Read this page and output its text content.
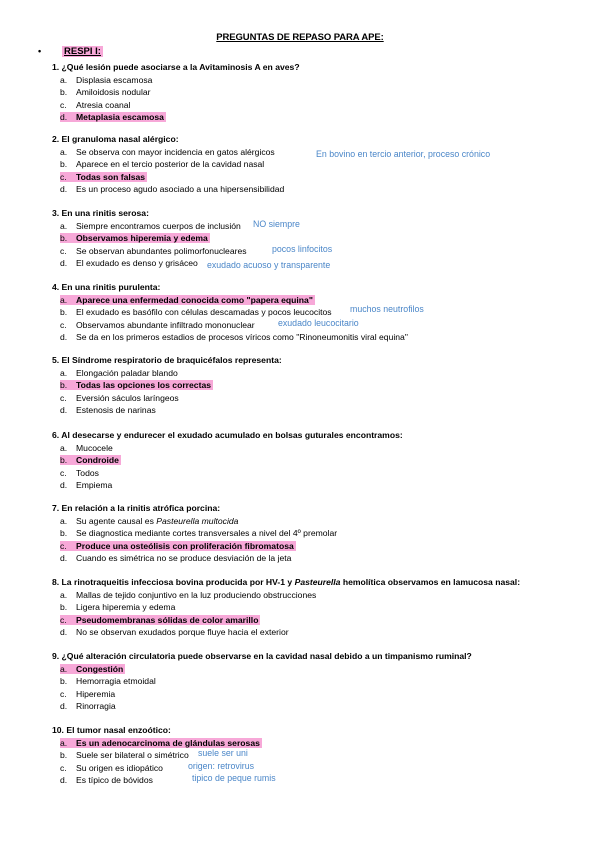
PREGUNTAS DE REPASO PARA APE:
• RESPI I:
1. ¿Qué lesión puede asociarse a la Avitaminosis A en aves?
a. Displasia escamosa
b. Amiloidosis nodular
c. Atresia coanal
d.	Metaplasia escamosa
2. El granuloma nasal alérgico:
a. Se observa con mayor incidencia en gatos alérgicos	En bovino en tercio anterior, proceso crónico
b. Aparece en el tercio posterior de la cavidad nasal
c.	Todas son falsas
d. Es un proceso agudo asociado a una hipersensibilidad
3. En una rinitis serosa:
a. Siempre encontramos cuerpos de inclusión NO siempre
b.	Observamos hiperemia y edema
c. Se observan abundantes polimorfonucleares	pocos linfocitos
d. El exudado es denso y grisáceo exudado acuoso y transparente
4. En una rinitis purulenta:
a.	Aparece una enfermedad conocida como "papera equina"
b. El exudado es basófilo con células descamadas y pocos leucocitos muchos neutrofilos
c. Observamos abundante infiltrado mononuclear	exudado leucocitario
d. Se da en los primeros estadios de procesos víricos como "Rinoneumonitis viral equina"
5. El Síndrome respiratorio de braquicéfalos representa:
a. Elongación paladar blando
b.	Todas las opciones los correctas
c. Eversión sáculos laríngeos
d. Estenosis de narinas
6. Al desecarse y endurecer el exudado acumulado en bolsas guturales encontramos:
a. Mucocele
b.	Condroide
c. Todos
d. Empiema
7. En relación a la rinitis atrófica porcina:
a. Su agente causal es Pasteurella multocida
b. Se diagnostica mediante cortes transversales a nivel del 4º premolar
c.	Produce una osteólisis con proliferación fibromatosa
d. Cuando es simétrica no se produce desviación de la jeta
8. La rinotraqueitis infecciosa bovina producida por HV-1 y Pasteurella hemolítica observamos en lamucosa nasal:
a. Mallas de tejido conjuntivo en la luz produciendo obstrucciones
b. Ligera hiperemia y edema
c.	Pseudomembranas sólidas de color amarillo
d. No se observan exudados porque fluye hacia el exterior
9. ¿Qué alteración circulatoria puede observarse en la cavidad nasal debido a un timpanismo ruminal?
a.	Congestión
b. Hemorragia etmoidal
c. Hiperemia
d. Rinorragia
10. El tumor nasal enzoótico:
a.	Es un adenocarcinoma de glándulas serosas
b. Suele ser bilateral o simétrico suele ser uni
c. Su origen es idiopático	origen: retrovirus
d. Es típico de bóvidos	tipico de peque rumis
